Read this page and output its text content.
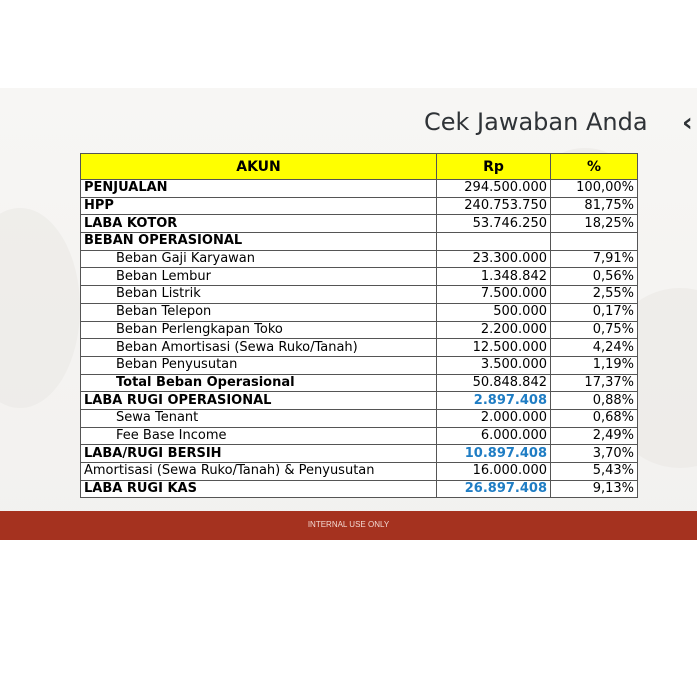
Cek Jawaban Anda ‹
AKUN	Rp	%
PENJUALAN	294.500.000	100,00%
HPP	240.753.750	81,75%
LABA KOTOR	53.746.250	18,25%
BEBAN OPERASIONAL		
Beban Gaji Karyawan	23.300.000	7,91%
Beban Lembur	1.348.842	0,56%
Beban Listrik	7.500.000	2,55%
Beban Telepon	500.000	0,17%
Beban Perlengkapan Toko	2.200.000	0,75%
Beban Amortisasi (Sewa Ruko/Tanah)	12.500.000	4,24%
Beban Penyusutan	3.500.000	1,19%
Total Beban Operasional	50.848.842	17,37%
LABA RUGI OPERASIONAL	2.897.408	0,88%
Sewa Tenant	2.000.000	0,68%
Fee Base Income	6.000.000	2,49%
LABA/RUGI BERSIH	10.897.408	3,70%
Amortisasi (Sewa Ruko/Tanah) & Penyusutan	16.000.000	5,43%
LABA RUGI KAS	26.897.408	9,13%
INTERNAL USE ONLY
